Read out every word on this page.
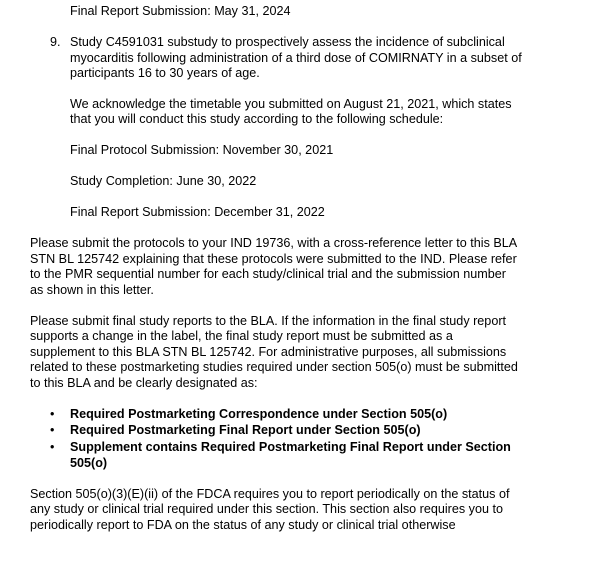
Final Report Submission: May 31, 2024
9. Study C4591031 substudy to prospectively assess the incidence of subclinical
myocarditis following administration of a third dose of COMIRNATY in a subset of
participants 16 to 30 years of age.
We acknowledge the timetable you submitted on August 21, 2021, which states
that you will conduct this study according to the following schedule:
Final Protocol Submission: November 30, 2021
Study Completion: June 30, 2022
Final Report Submission: December 31, 2022
Please submit the protocols to your IND 19736, with a cross-reference letter to this BLA
STN BL 125742 explaining that these protocols were submitted to the IND. Please refer
to the PMR sequential number for each study/clinical trial and the submission number
as shown in this letter.
Please submit final study reports to the BLA. If the information in the final study report
supports a change in the label, the final study report must be submitted as a
supplement to this BLA STN BL 125742. For administrative purposes, all submissions
related to these postmarketing studies required under section 505(o) must be submitted
to this BLA and be clearly designated as:
• Required Postmarketing Correspondence under Section 505(o)
• Required Postmarketing Final Report under Section 505(o)
• Supplement contains Required Postmarketing Final Report under Section
505(o)
Section 505(o)(3)(E)(ii) of the FDCA requires you to report periodically on the status of
any study or clinical trial required under this section. This section also requires you to
periodically report to FDA on the status of any study or clinical trial otherwise
